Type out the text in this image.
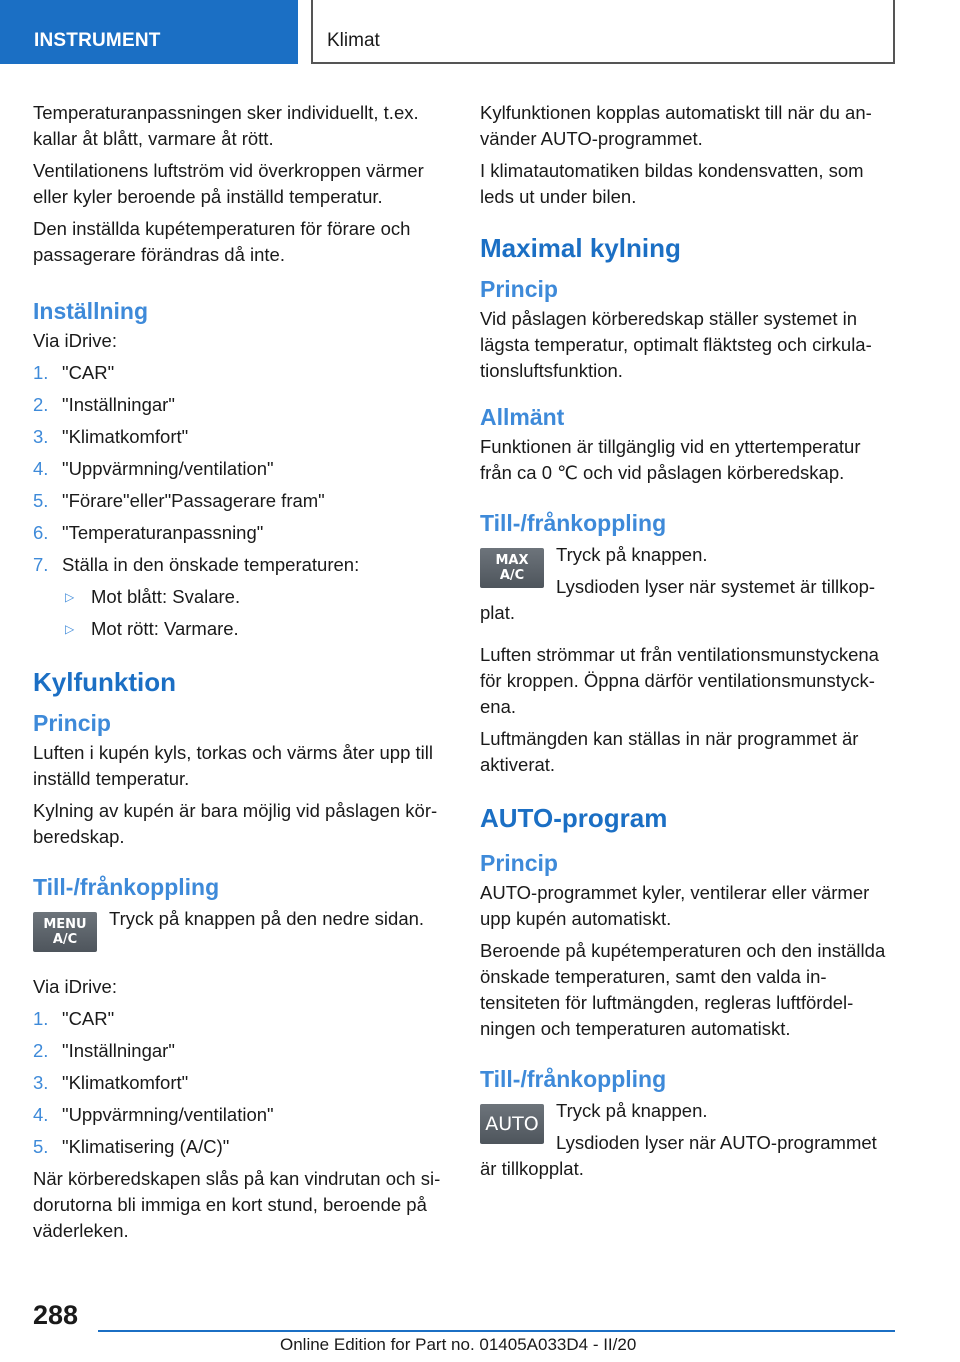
INSTRUMENT	Klimat

Temperaturanpassningen sker individuellt, t.ex. kallar åt blått, varmare åt rött.

Ventilationens luftström vid överkroppen värmer eller kyler beroende på inställd temperatur.

Den inställda kupétemperaturen för förare och passagerare förändras då inte.

Inställning

Via iDrive:

1. "CAR"
2. "Inställningar"
3. "Klimatkomfort"
4. "Uppvärmning/ventilation"
5. "Förare"eller"Passagerare fram"
6. "Temperaturanpassning"
7. Ställa in den önskade temperaturen:
▷ Mot blått: Svalare.
▷ Mot rött: Varmare.
Kylfunktion
Princip

Luften i kupén kyls, torkas och värms åter upp till inställd temperatur.

Kylning av kupén är bara möjlig vid påslagen körberedskap.

Till-/frånkoppling
MENU
A/C

Tryck på knappen på den nedre sidan.

Via iDrive:

1. "CAR"
2. "Inställningar"
3. "Klimatkomfort"
4. "Uppvärmning/ventilation"
5. "Klimatisering (A/C)"

När körberedskapen slås på kan vindrutan och sidorutorna bli immiga en kort stund, beroende på väderleken.

Kylfunktionen kopplas automatiskt till när du använder AUTO-programmet.

I klimatautomatiken bildas kondensvatten, som leds ut under bilen.

Maximal kylning
Princip

Vid påslagen körberedskap ställer systemet in lägsta temperatur, optimalt fläktsteg och cirkulationsluftsfunktion.

Allmänt

Funktionen är tillgänglig vid en yttertemperatur från ca 0 ℃ och vid påslagen körberedskap.

Till-/frånkoppling
MAX
A/C

Tryck på knappen.

Lysdioden lyser när systemet är tillkopplat.

Luften strömmar ut från ventilationsmunstyckena för kroppen. Öppna därför ventilationsmunstyckena.

Luftmängden kan ställas in när programmet är aktiverat.

AUTO-program
Princip

AUTO-programmet kyler, ventilerar eller värmer upp kupén automatiskt.

Beroende på kupétemperaturen och den inställda önskade temperaturen, samt den valda intensiteten för luftmängden, regleras luftfördelningen och temperaturen automatiskt.

Till-/frånkoppling
AUTO

Tryck på knappen.

Lysdioden lyser när AUTO-programmet är tillkopplat.

288
Online Edition for Part no. 01405A033D4 - II/20
